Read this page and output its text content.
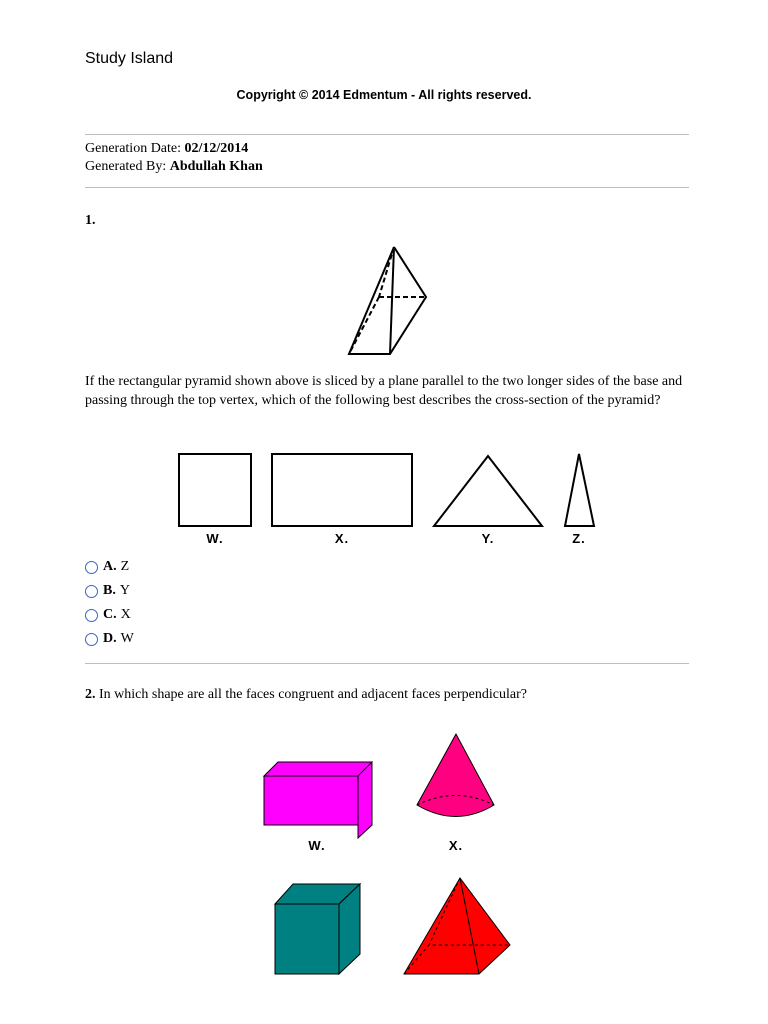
Study Island
Copyright © 2014 Edmentum - All rights reserved.
Generation Date: 02/12/2014
Generated By: Abdullah Khan
1.
If the rectangular pyramid shown above is sliced by a plane parallel to the two longer sides of the base and passing through the top vertex, which of the following best describes the cross-section of the pyramid?
W.	X.	Y.	Z.
A. Z
B. Y
C. X
D. W
2. In which shape are all the faces congruent and adjacent faces perpendicular?
W.	X.
